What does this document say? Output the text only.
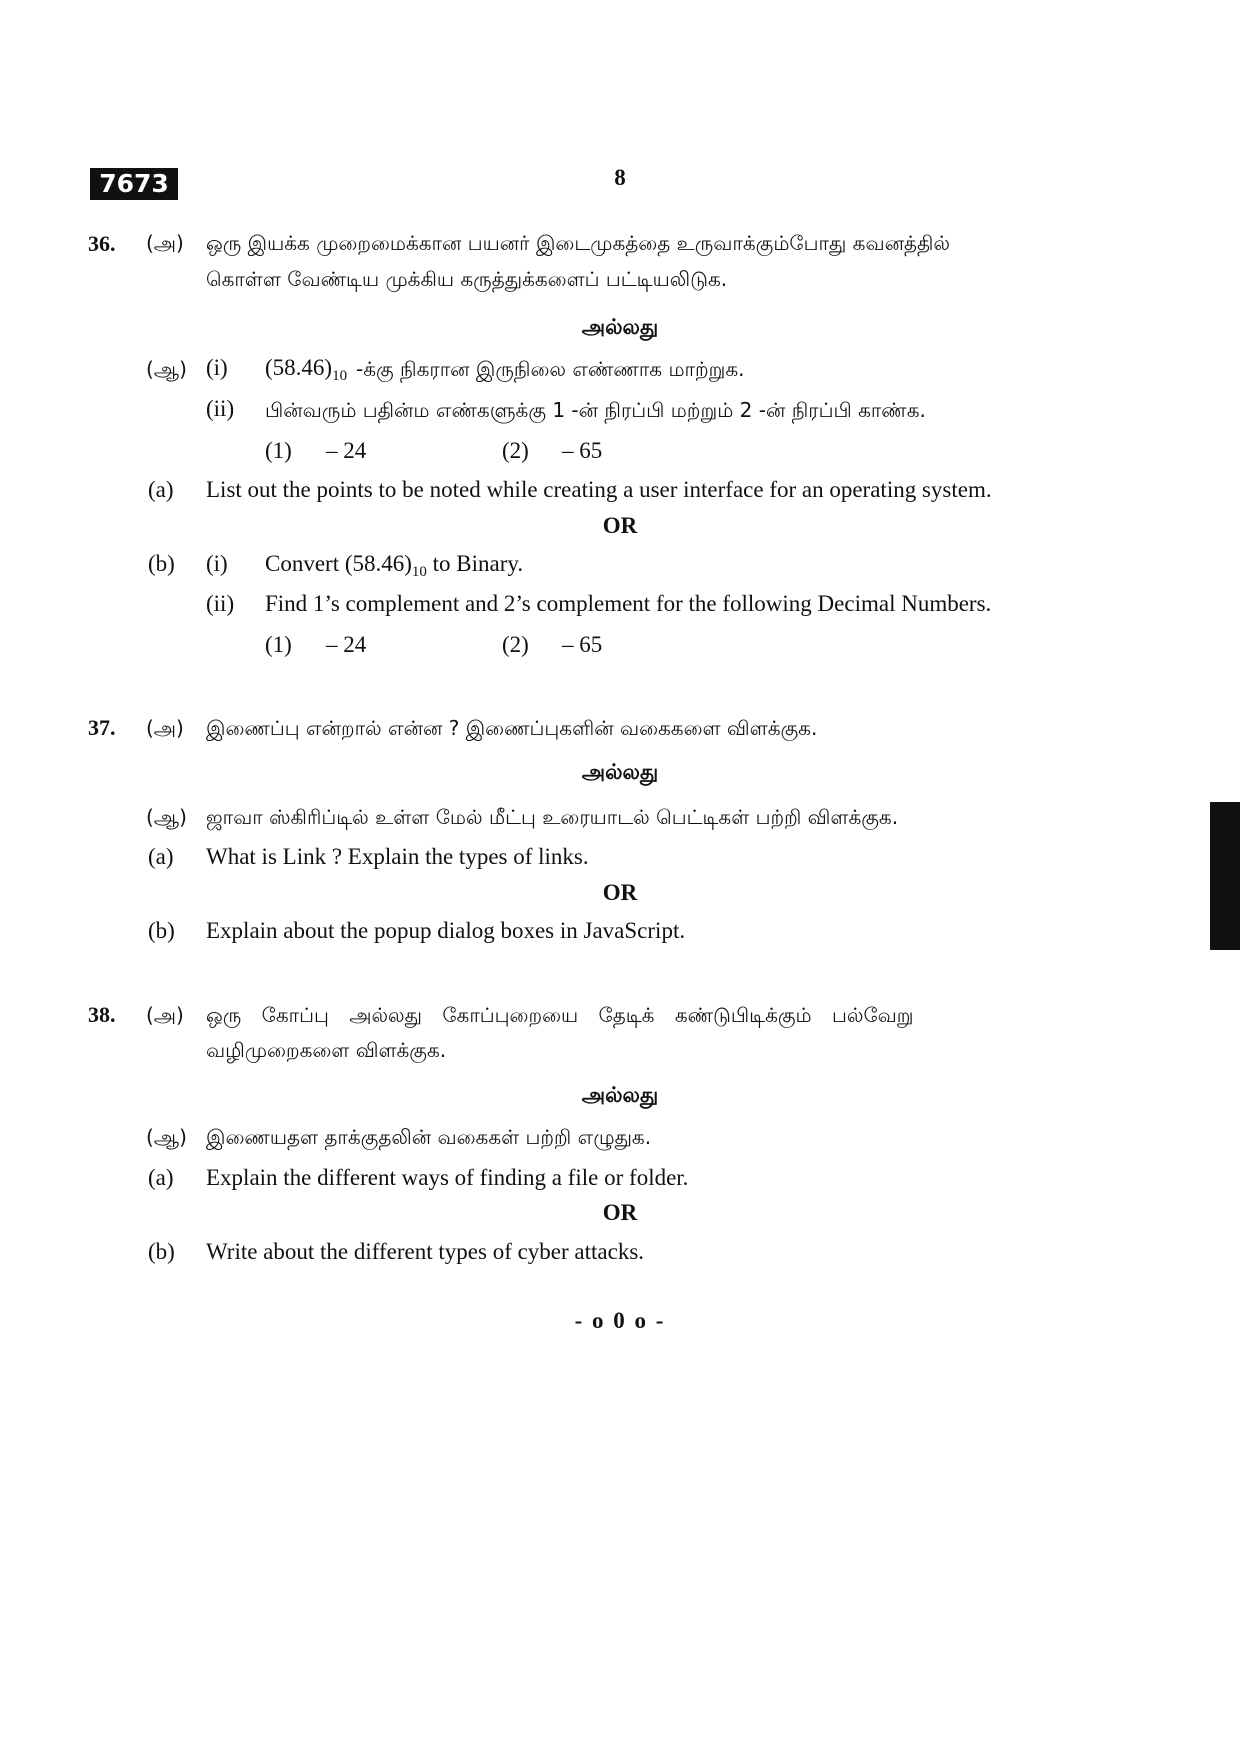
7673	8
36. (அ) ஒரு இயக்க முறைமைக்கான பயனர் இடைமுகத்தை உருவாக்கும்போது கவனத்தில்
கொள்ள வேண்டிய முக்கிய கருத்துக்களைப் பட்டியலிடுக.
அல்லது
(ஆ) (i) $(58.46)_{10}$ -க்கு நிகரான இருநிலை எண்ணாக மாற்றுக.
(ii) பின்வரும் பதின்ம எண்களுக்கு 1 -ன் நிரப்பி மற்றும் 2 -ன் நிரப்பி காண்க.
(1) – 24	(2) – 65
(a) List out the points to be noted while creating a user interface for an operating system.
OR
(b) (i) Convert $(58.46)_{10}$ to Binary.
(ii) Find 1’s complement and 2’s complement for the following Decimal Numbers.
(1) – 24	(2) – 65
37. (அ) இணைப்பு என்றால் என்ன ? இணைப்புகளின் வகைகளை விளக்குக.
அல்லது
(ஆ) ஜாவா ஸ்கிரிப்டில் உள்ள மேல் மீட்பு உரையாடல் பெட்டிகள் பற்றி விளக்குக.
(a) What is Link ? Explain the types of links.
OR
(b) Explain about the popup dialog boxes in JavaScript.
38. (அ) ஒரு கோப்பு அல்லது கோப்புறையை தேடிக் கண்டுபிடிக்கும் பல்வேறு
வழிமுறைகளை விளக்குக.
அல்லது
(ஆ) இணையதள தாக்குதலின் வகைகள் பற்றி எழுதுக.
(a) Explain the different ways of finding a file or folder.
OR
(b) Write about the different types of cyber attacks.
- o 0 o -
